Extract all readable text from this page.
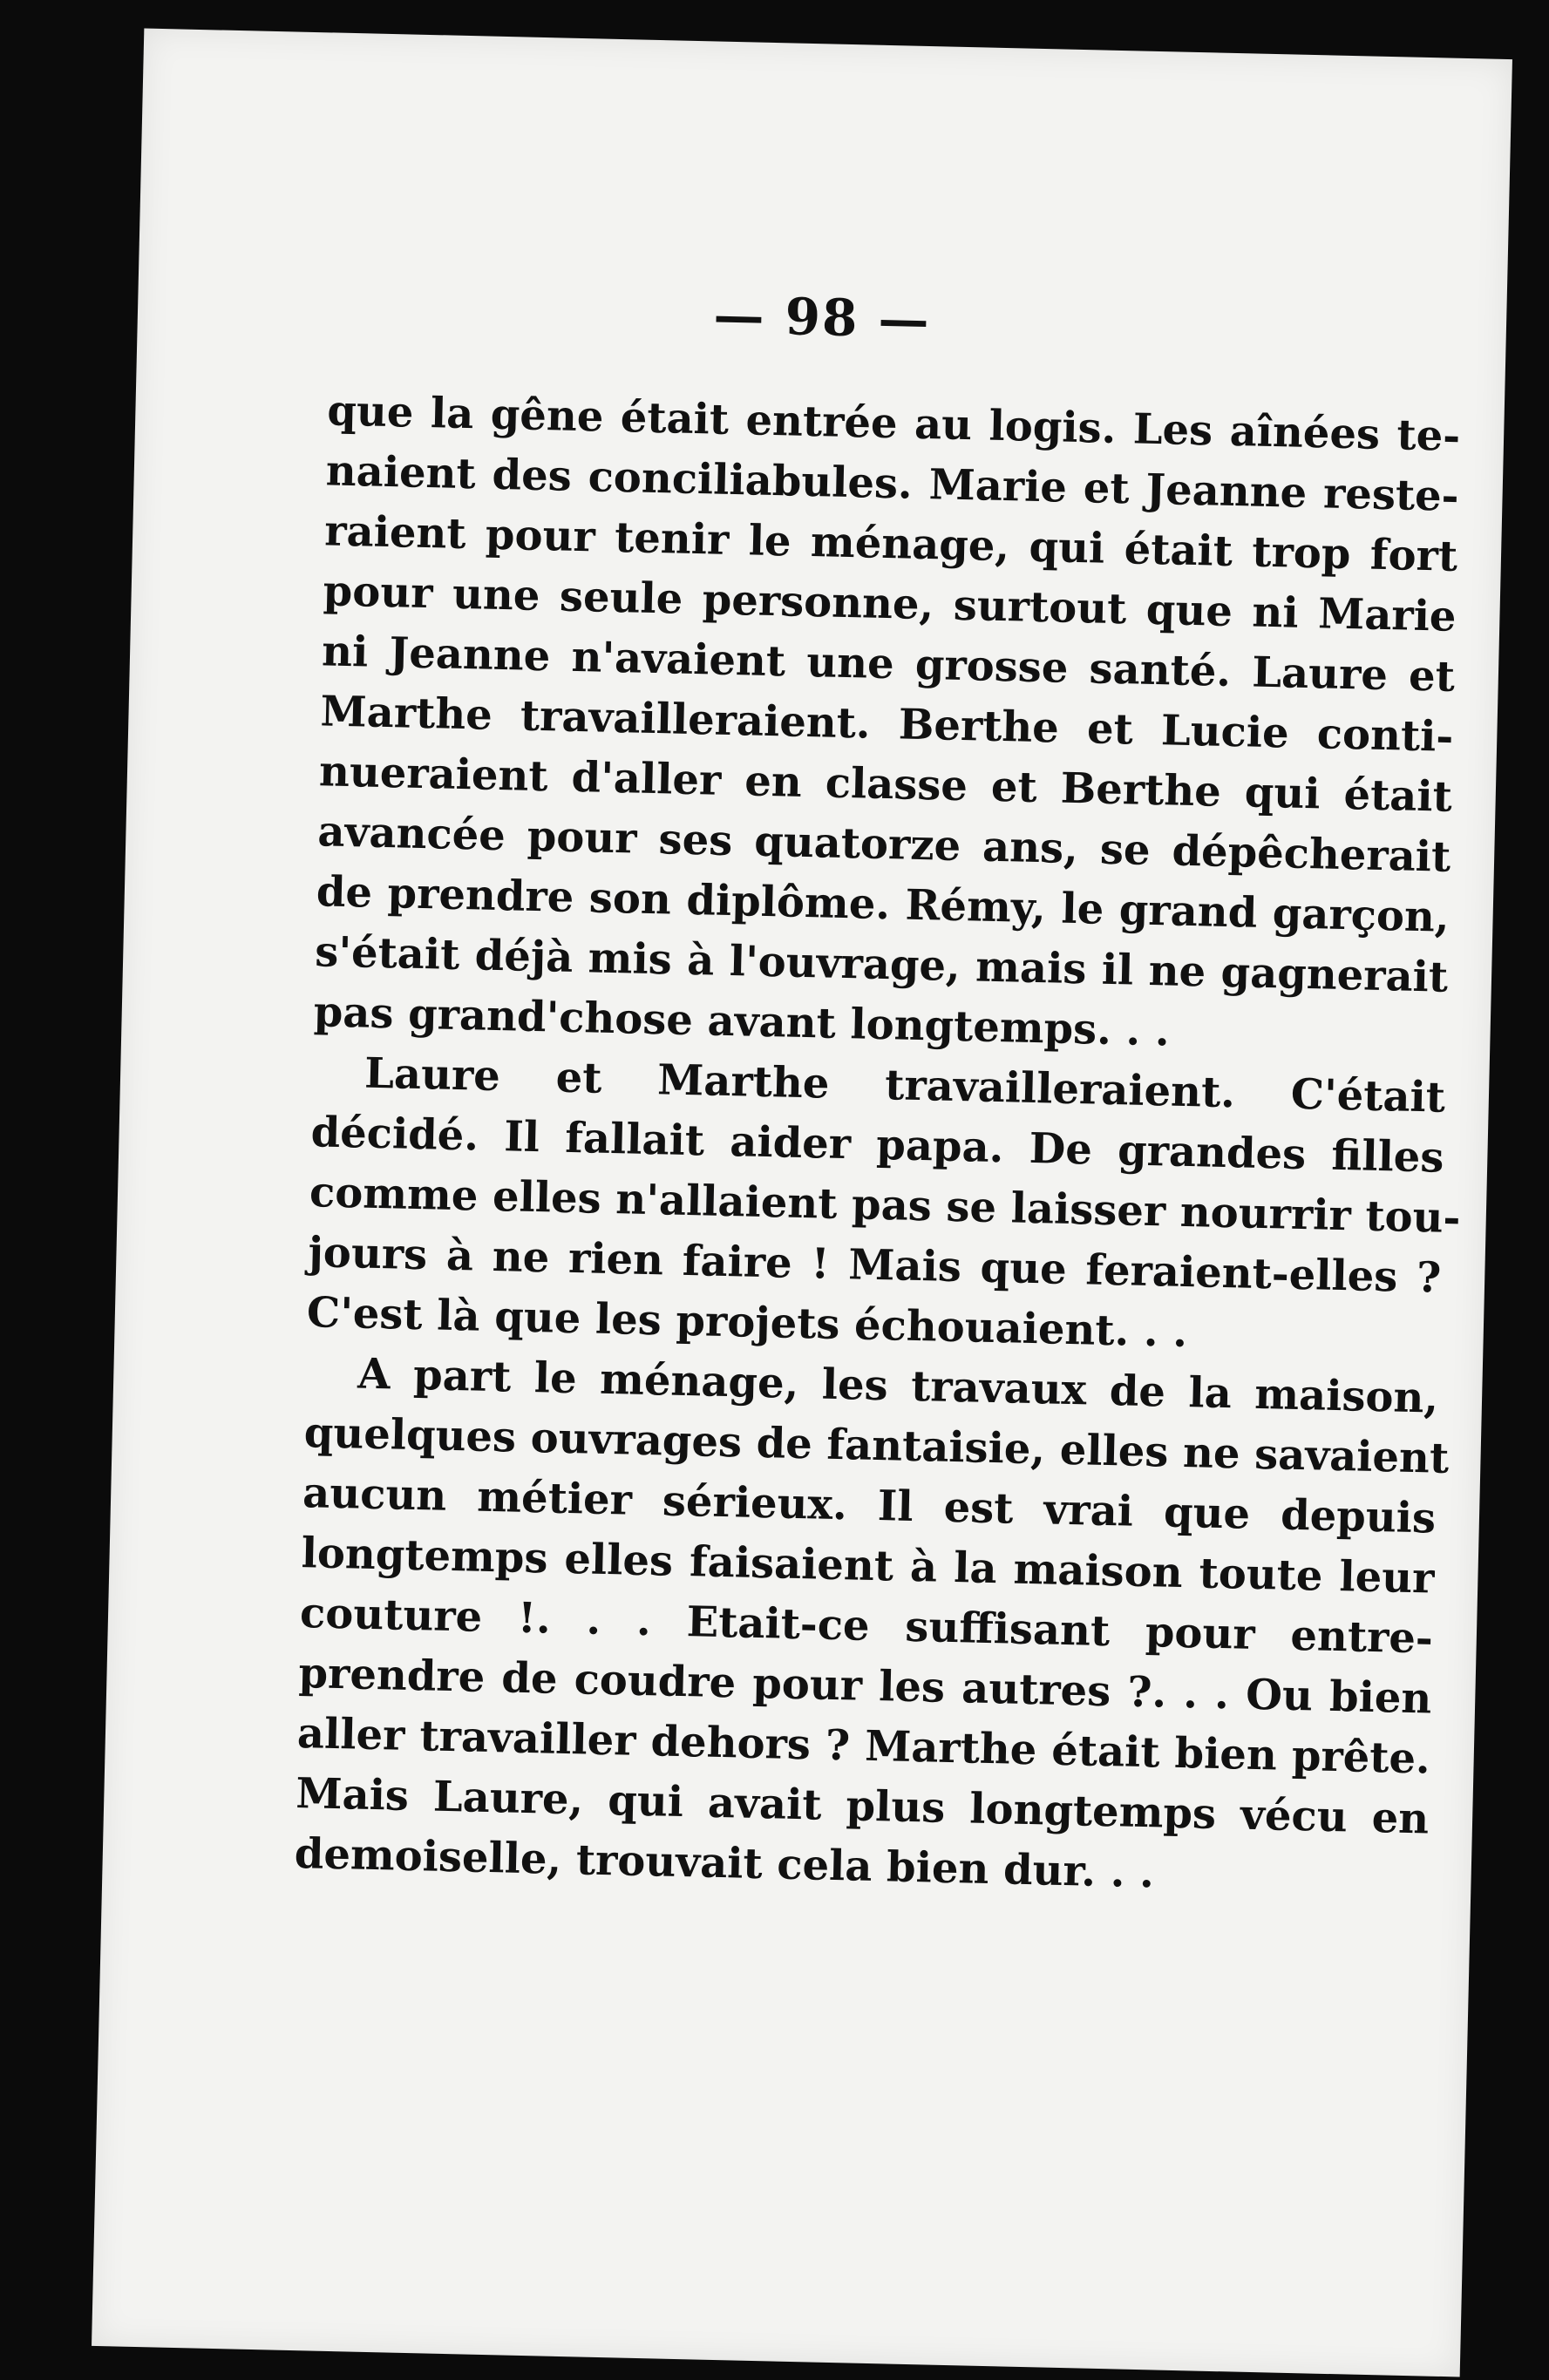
— 98 —
que la gêne était entrée au logis. Les aînées te-
naient des conciliabules. Marie et Jeanne reste-
raient pour tenir le ménage, qui était trop fort
pour une seule personne, surtout que ni Marie
ni Jeanne n'avaient une grosse santé. Laure et
Marthe travailleraient. Berthe et Lucie conti-
nueraient d'aller en classe et Berthe qui était
avancée pour ses quatorze ans, se dépêcherait
de prendre son diplôme. Rémy, le grand garçon,
s'était déjà mis à l'ouvrage, mais il ne gagnerait
pas grand'chose avant longtemps. . .
Laure et Marthe travailleraient. C'était
décidé. Il fallait aider papa. De grandes filles
comme elles n'allaient pas se laisser nourrir tou-
jours à ne rien faire ! Mais que feraient-elles ?
C'est là que les projets échouaient. . .
A part le ménage, les travaux de la maison,
quelques ouvrages de fantaisie, elles ne savaient
aucun métier sérieux. Il est vrai que depuis
longtemps elles faisaient à la maison toute leur
couture !. . . Etait-ce suffisant pour entre-
prendre de coudre pour les autres ?. . . Ou bien
aller travailler dehors ? Marthe était bien prête.
Mais Laure, qui avait plus longtemps vécu en
demoiselle, trouvait cela bien dur. . .
